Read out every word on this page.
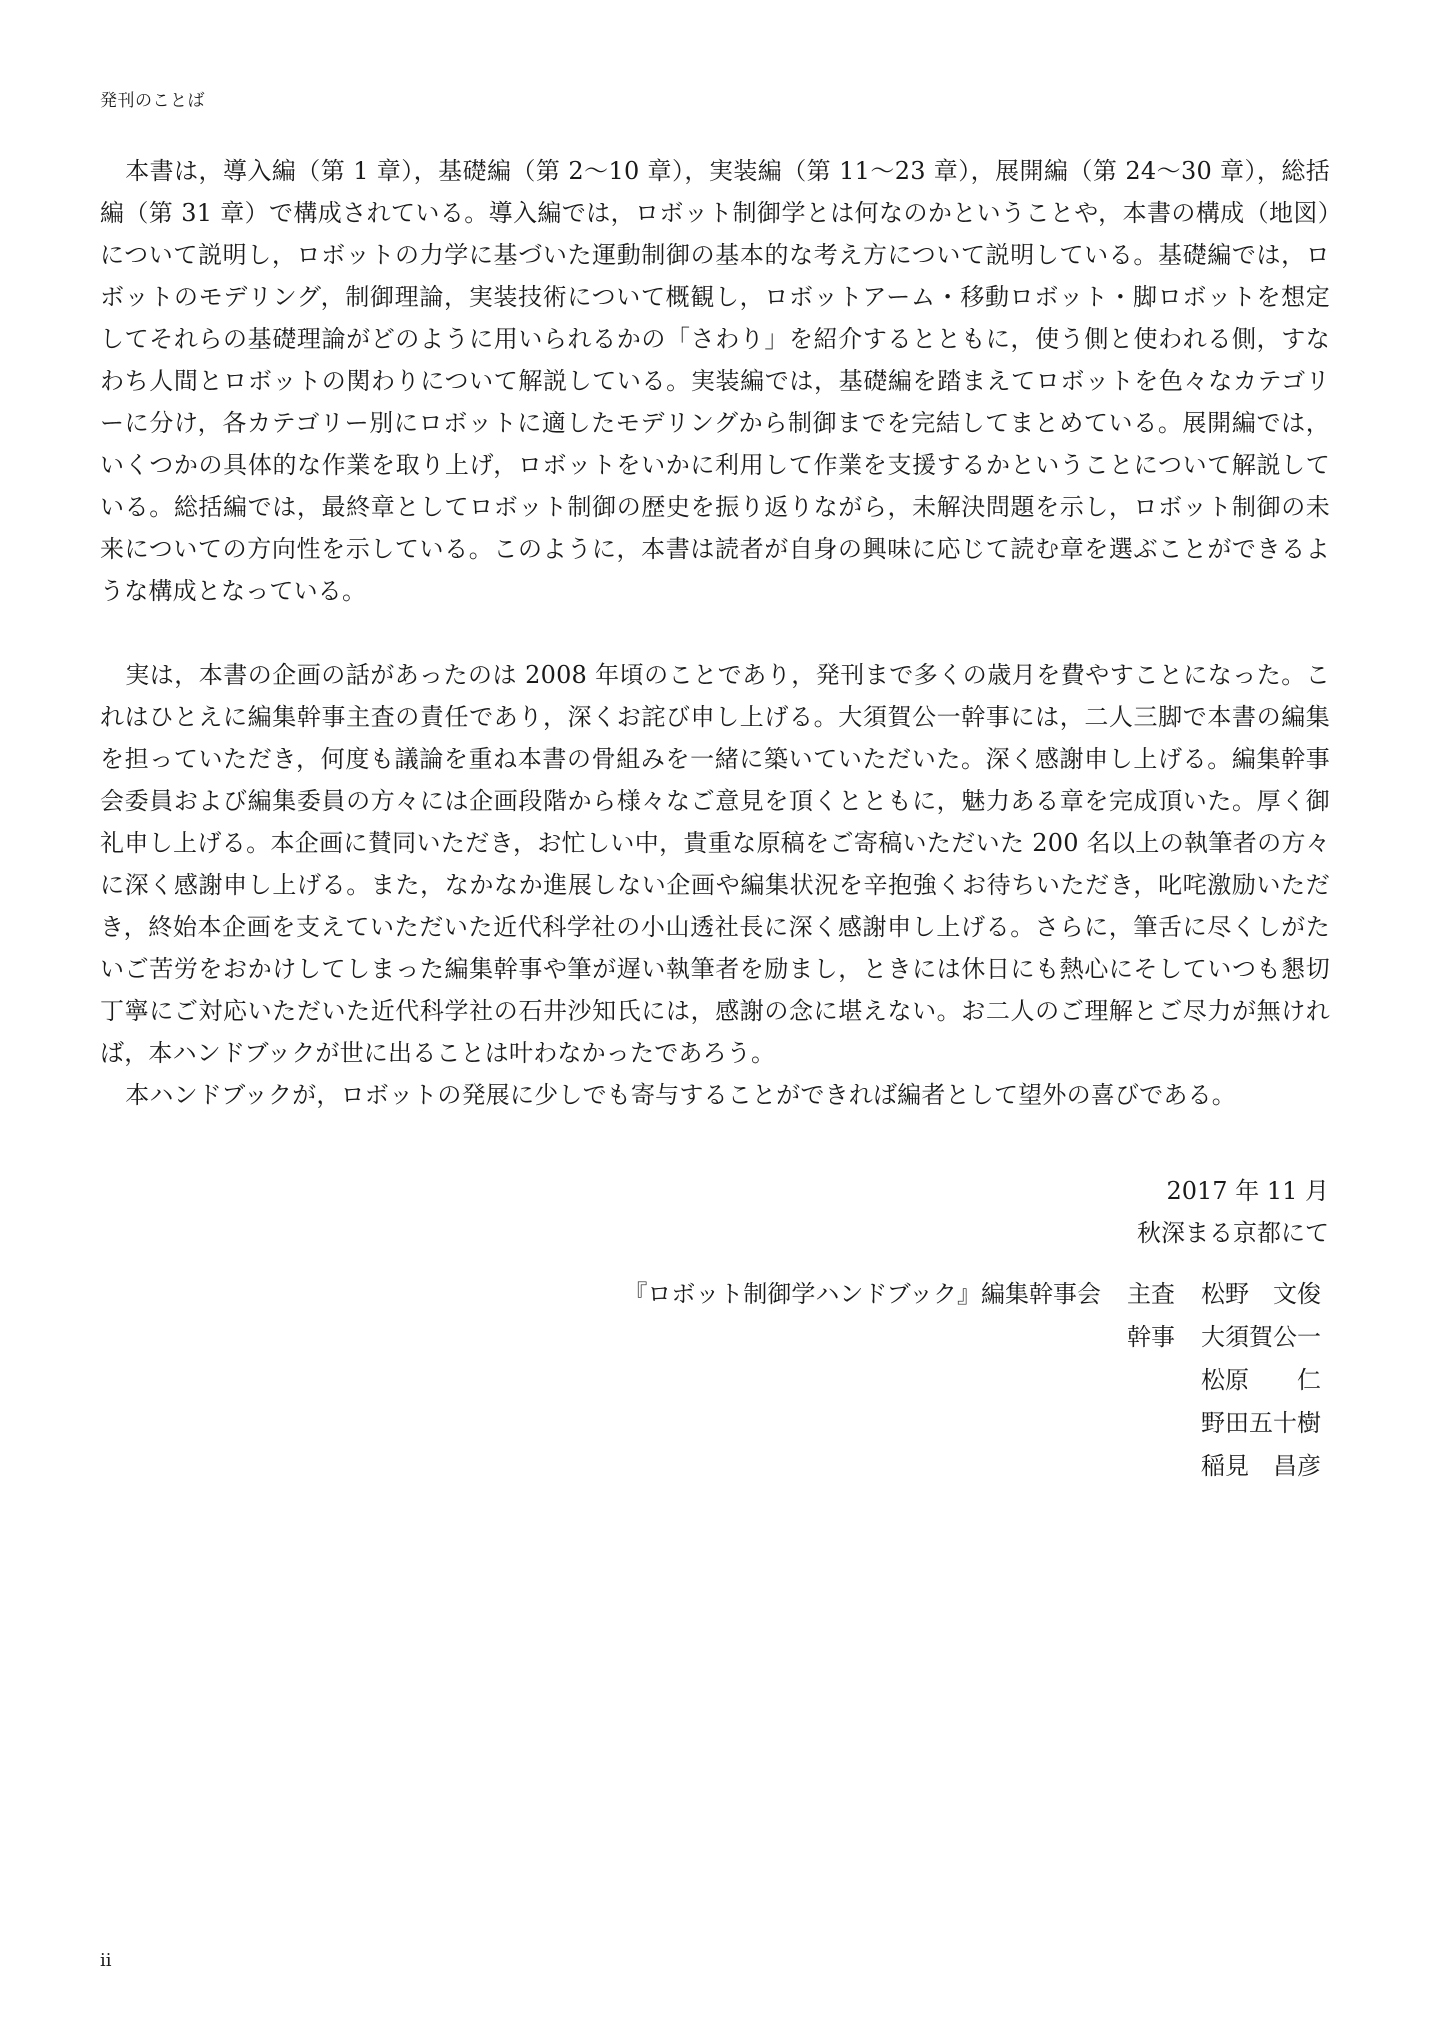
発刊のことば

本書は，導入編（第 1 章），基礎編（第 2～10 章），実装編（第 11～23 章），展開編（第 24～30 章），総括編（第 31 章）で構成されている。導入編では，ロボット制御学とは何なのかということや，本書の構成（地図）について説明し，ロボットの力学に基づいた運動制御の基本的な考え方について説明している。基礎編では，ロボットのモデリング，制御理論，実装技術について概観し，ロボットアーム・移動ロボット・脚ロボットを想定してそれらの基礎理論がどのように用いられるかの「さわり」を紹介するとともに，使う側と使われる側，すなわち人間とロボットの関わりについて解説している。実装編では，基礎編を踏まえてロボットを色々なカテゴリーに分け，各カテゴリー別にロボットに適したモデリングから制御までを完結してまとめている。展開編では，いくつかの具体的な作業を取り上げ，ロボットをいかに利用して作業を支援するかということについて解説している。総括編では，最終章としてロボット制御の歴史を振り返りながら，未解決問題を示し，ロボット制御の未来についての方向性を示している。このように，本書は読者が自身の興味に応じて読む章を選ぶことができるような構成となっている。

実は，本書の企画の話があったのは 2008 年頃のことであり，発刊まで多くの歳月を費やすことになった。これはひとえに編集幹事主査の責任であり，深くお詫び申し上げる。大須賀公一幹事には，二人三脚で本書の編集を担っていただき，何度も議論を重ね本書の骨組みを一緒に築いていただいた。深く感謝申し上げる。編集幹事会委員および編集委員の方々には企画段階から様々なご意見を頂くとともに，魅力ある章を完成頂いた。厚く御礼申し上げる。本企画に賛同いただき，お忙しい中，貴重な原稿をご寄稿いただいた 200 名以上の執筆者の方々に深く感謝申し上げる。また，なかなか進展しない企画や編集状況を辛抱強くお待ちいただき，叱咤激励いただき，終始本企画を支えていただいた近代科学社の小山透社長に深く感謝申し上げる。さらに，筆舌に尽くしがたいご苦労をおかけしてしまった編集幹事や筆が遅い執筆者を励まし，ときには休日にも熱心にそしていつも懇切丁寧にご対応いただいた近代科学社の石井沙知氏には，感謝の念に堪えない。お二人のご理解とご尽力が無ければ，本ハンドブックが世に出ることは叶わなかったであろう。

本ハンドブックが，ロボットの発展に少しでも寄与することができれば編者として望外の喜びである。

2017 年 11 月
秋深まる京都にて
『ロボット制御学ハンドブック』編集幹事会 主査 松野　文俊
幹事 大須賀公一
松原　　仁
野田五十樹
稲見　昌彦
ii
